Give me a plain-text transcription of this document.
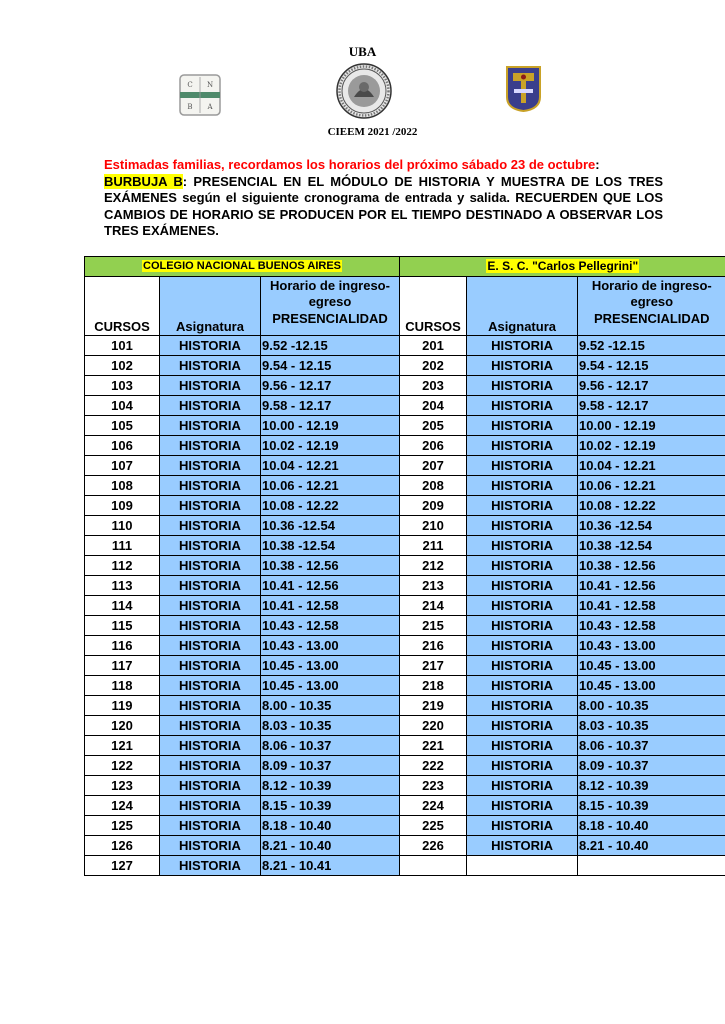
UBA
C N
B A
CIEEM 2021 /2022
Estimadas familias, recordamos los horarios del próximo sábado 23 de octubre:
BURBUJA B: PRESENCIAL EN EL MÓDULO DE HISTORIA Y MUESTRA DE LOS TRES EXÁMENES según el siguiente cronograma de entrada y salida. RECUERDEN QUE LOS CAMBIOS DE HORARIO SE PRODUCEN POR EL TIEMPO DESTINADO A OBSERVAR LOS TRES EXÁMENES.
COLEGIO NACIONAL BUENOS AIRES			E. S. C. "Carlos Pellegrini"		
CURSOS	Asignatura	Horario de ingreso-
egreso
PRESENCIALIDAD	CURSOS	Asignatura	Horario de ingreso-
egreso
PRESENCIALIDAD

101	HISTORIA	9.52 -12.15	201	HISTORIA	9.52 -12.15
102	HISTORIA	9.54 - 12.15	202	HISTORIA	9.54 - 12.15
103	HISTORIA	9.56 - 12.17	203	HISTORIA	9.56 - 12.17
104	HISTORIA	9.58 - 12.17	204	HISTORIA	9.58 - 12.17
105	HISTORIA	10.00 - 12.19	205	HISTORIA	10.00 - 12.19
106	HISTORIA	10.02 - 12.19	206	HISTORIA	10.02 - 12.19
107	HISTORIA	10.04 - 12.21	207	HISTORIA	10.04 - 12.21
108	HISTORIA	10.06 - 12.21	208	HISTORIA	10.06 - 12.21
109	HISTORIA	10.08 - 12.22	209	HISTORIA	10.08 - 12.22
110	HISTORIA	10.36 -12.54	210	HISTORIA	10.36 -12.54
111	HISTORIA	10.38 -12.54	211	HISTORIA	10.38 -12.54
112	HISTORIA	10.38 - 12.56	212	HISTORIA	10.38 - 12.56
113	HISTORIA	10.41 - 12.56	213	HISTORIA	10.41 - 12.56
114	HISTORIA	10.41 - 12.58	214	HISTORIA	10.41 - 12.58
115	HISTORIA	10.43 - 12.58	215	HISTORIA	10.43 - 12.58
116	HISTORIA	10.43 - 13.00	216	HISTORIA	10.43 - 13.00
117	HISTORIA	10.45 - 13.00	217	HISTORIA	10.45 - 13.00
118	HISTORIA	10.45 - 13.00	218	HISTORIA	10.45 - 13.00
119	HISTORIA	8.00 - 10.35	219	HISTORIA	8.00 - 10.35
120	HISTORIA	8.03 - 10.35	220	HISTORIA	8.03 - 10.35
121	HISTORIA	8.06 - 10.37	221	HISTORIA	8.06 - 10.37
122	HISTORIA	8.09 - 10.37	222	HISTORIA	8.09 - 10.37
123	HISTORIA	8.12 - 10.39	223	HISTORIA	8.12 - 10.39
124	HISTORIA	8.15 - 10.39	224	HISTORIA	8.15 - 10.39
125	HISTORIA	8.18 - 10.40	225	HISTORIA	8.18 - 10.40
126	HISTORIA	8.21 - 10.40	226	HISTORIA	8.21 - 10.40
127	HISTORIA	8.21 - 10.41			
